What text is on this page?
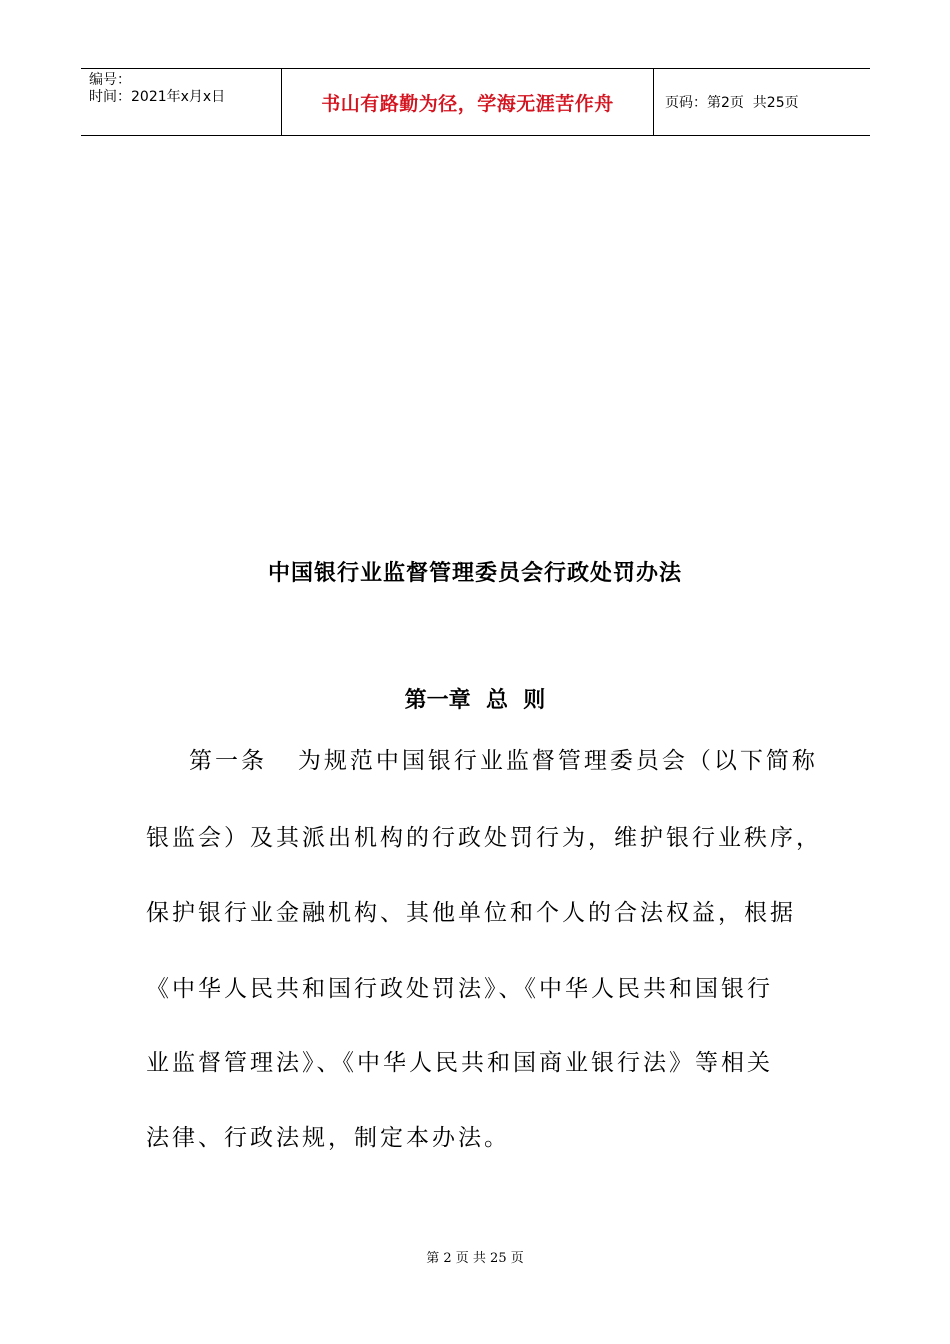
编号：
时间：2021年x月x日	书山有路勤为径，学海无涯苦作舟	页码：第2页  共25页
中国银行业监督管理委员会行政处罚办法
第一章  总  则

第一条   为规范中国银行业监督管理委员会（以下简称

银监会）及其派出机构的行政处罚行为，维护银行业秩序，

保护银行业金融机构、其他单位和个人的合法权益，根据

《中华人民共和国行政处罚法》、《中华人民共和国银行

业监督管理法》、《中华人民共和国商业银行法》等相关

法律、行政法规，制定本办法。

第 2 页 共 25 页
